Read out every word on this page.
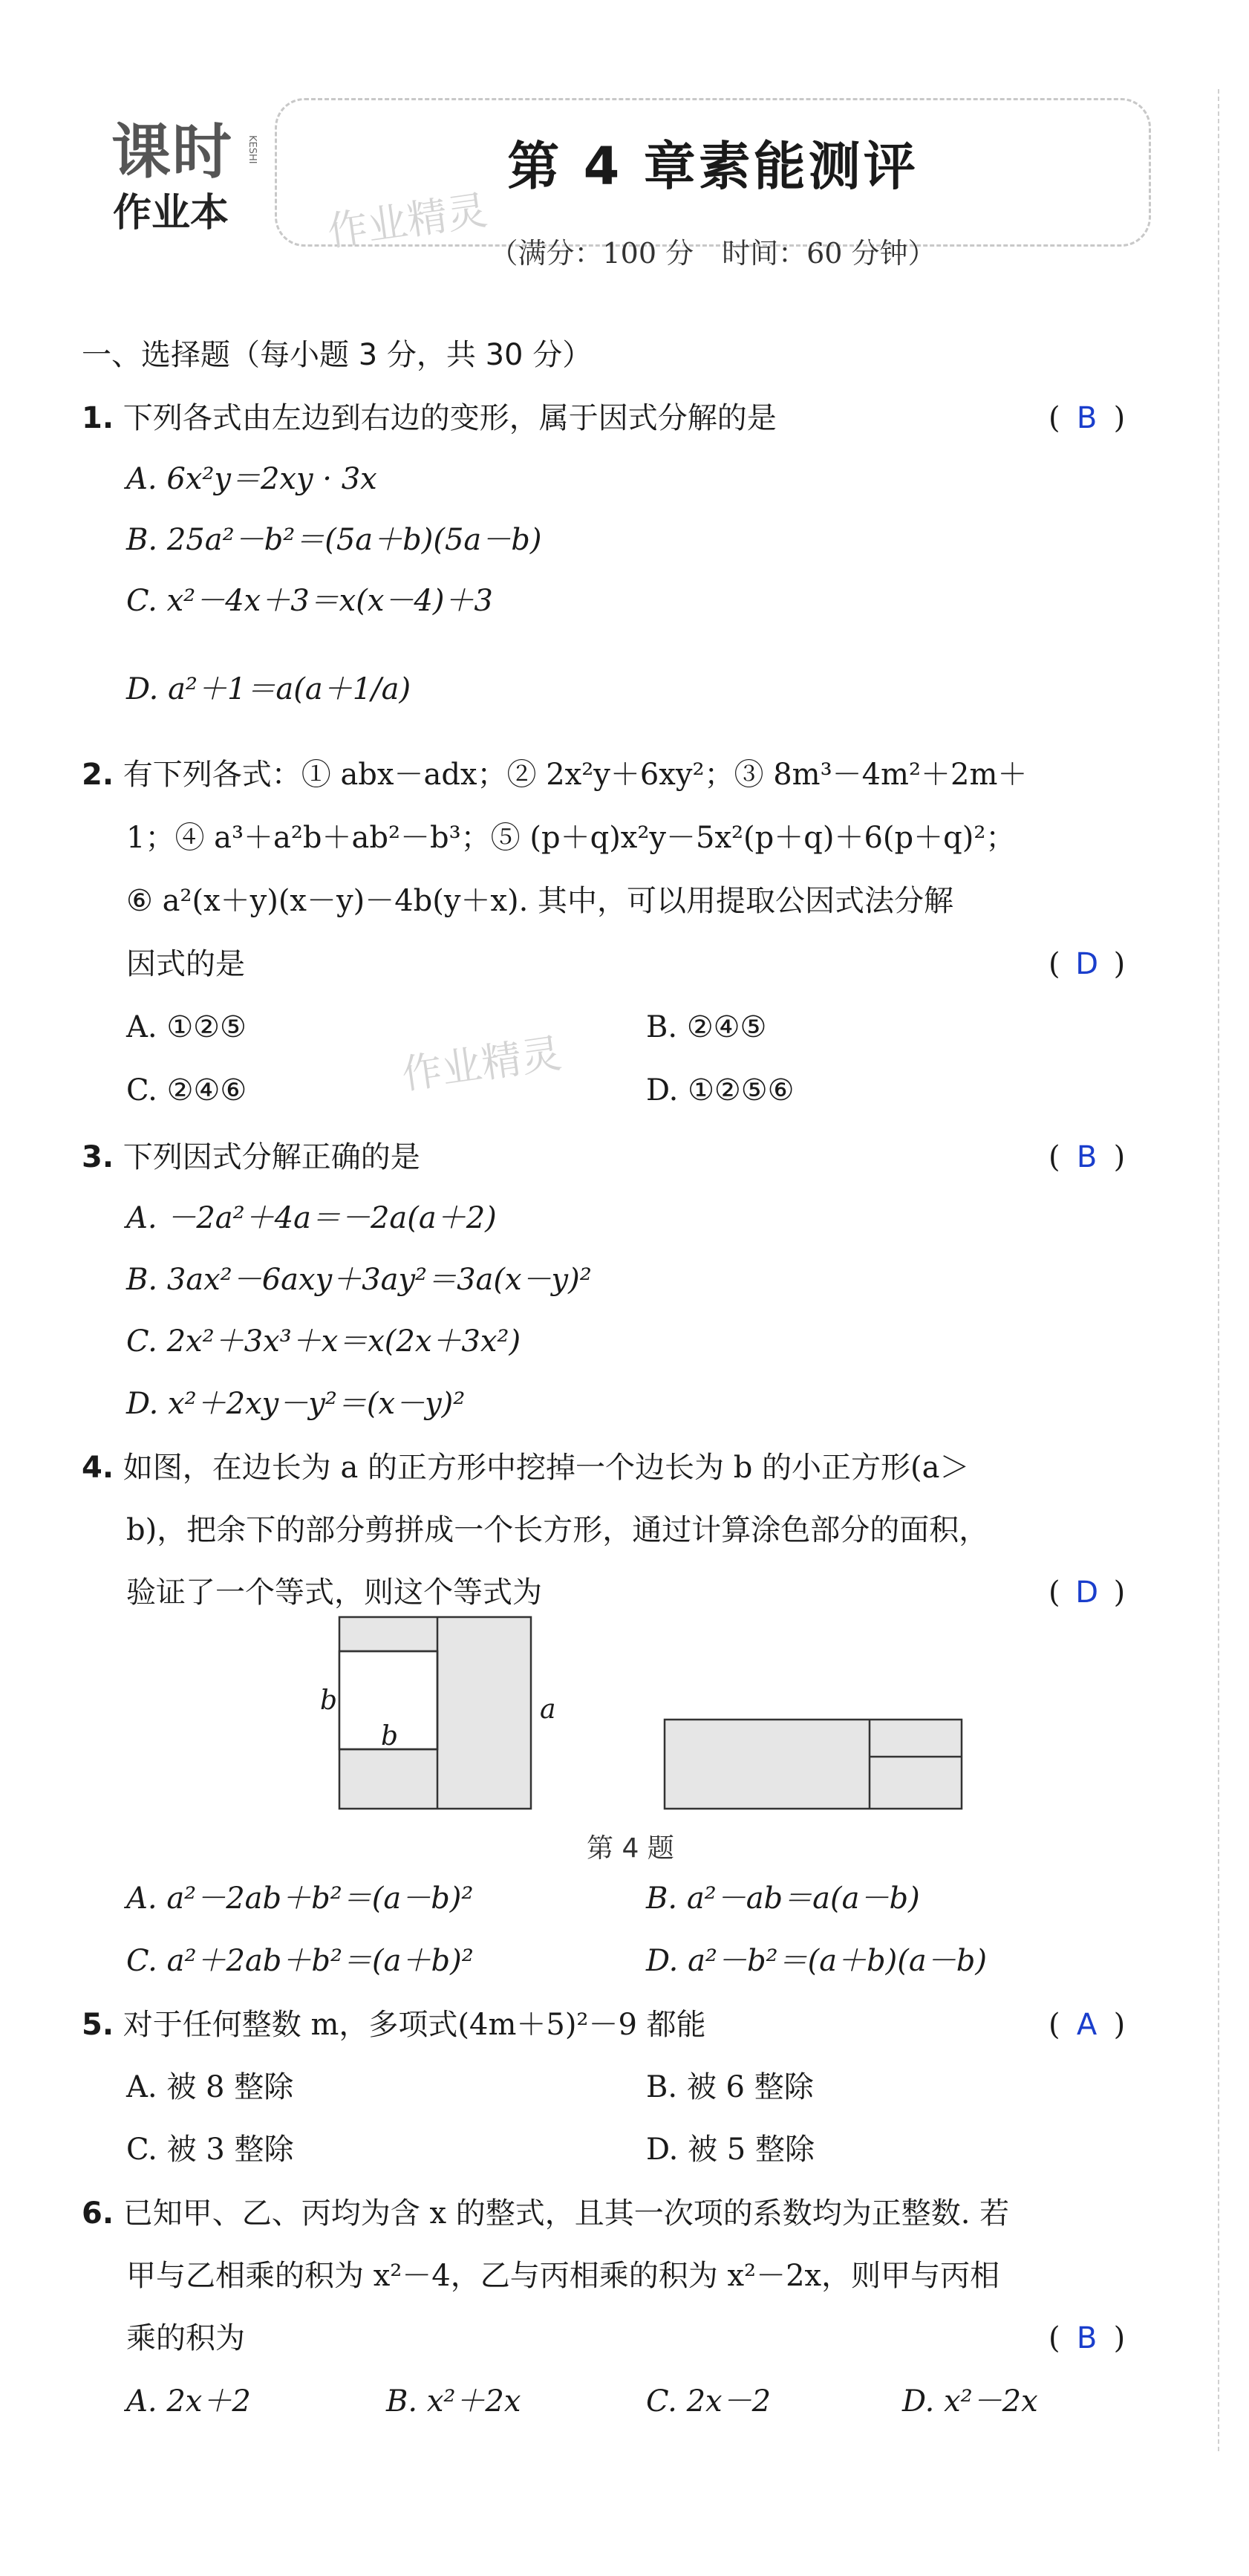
课时
作业本
KESHI	第 4 章素能测评
（满分：100 分　时间：60 分钟）
作业精灵
作业精灵
一、选择题（每小题 3 分，共 30 分）
1. 下列各式由左边到右边的变形，属于因式分解的是	( B )
A. 6x²y＝2xy · 3x
B. 25a²－b²＝(5a＋b)(5a－b)
C. x²－4x＋3＝x(x－4)＋3
D. a²＋1＝a(a＋1/a)
2. 有下列各式：① abx－adx；② 2x²y＋6xy²；③ 8m³－4m²＋2m＋
1；④ a³＋a²b＋ab²－b³；⑤ (p＋q)x²y－5x²(p＋q)＋6(p＋q)²；
⑥ a²(x＋y)(x－y)－4b(y＋x). 其中，可以用提取公因式法分解
因式的是	( D )
A. ①②⑤	B. ②④⑤
C. ②④⑥	D. ①②⑤⑥
3. 下列因式分解正确的是	( B )
A. －2a²＋4a＝－2a(a＋2)
B. 3ax²－6axy＋3ay²＝3a(x－y)²
C. 2x²＋3x³＋x＝x(2x＋3x²)
D. x²＋2xy－y²＝(x－y)²
4. 如图，在边长为 a 的正方形中挖掉一个边长为 b 的小正方形(a＞
b)，把余下的部分剪拼成一个长方形，通过计算涂色部分的面积，
验证了一个等式，则这个等式为	( D )
b
b
a
第 4 题
A. a²－2ab＋b²＝(a－b)²	B. a²－ab＝a(a－b)
C. a²＋2ab＋b²＝(a＋b)²	D. a²－b²＝(a＋b)(a－b)
5. 对于任何整数 m，多项式(4m＋5)²－9 都能	( A )
A. 被 8 整除	B. 被 6 整除
C. 被 3 整除	D. 被 5 整除
6. 已知甲、乙、丙均为含 x 的整式，且其一次项的系数均为正整数. 若
甲与乙相乘的积为 x²－4，乙与丙相乘的积为 x²－2x，则甲与丙相
乘的积为	( B )
A. 2x＋2	B. x²＋2x	C. 2x－2	D. x²－2x
